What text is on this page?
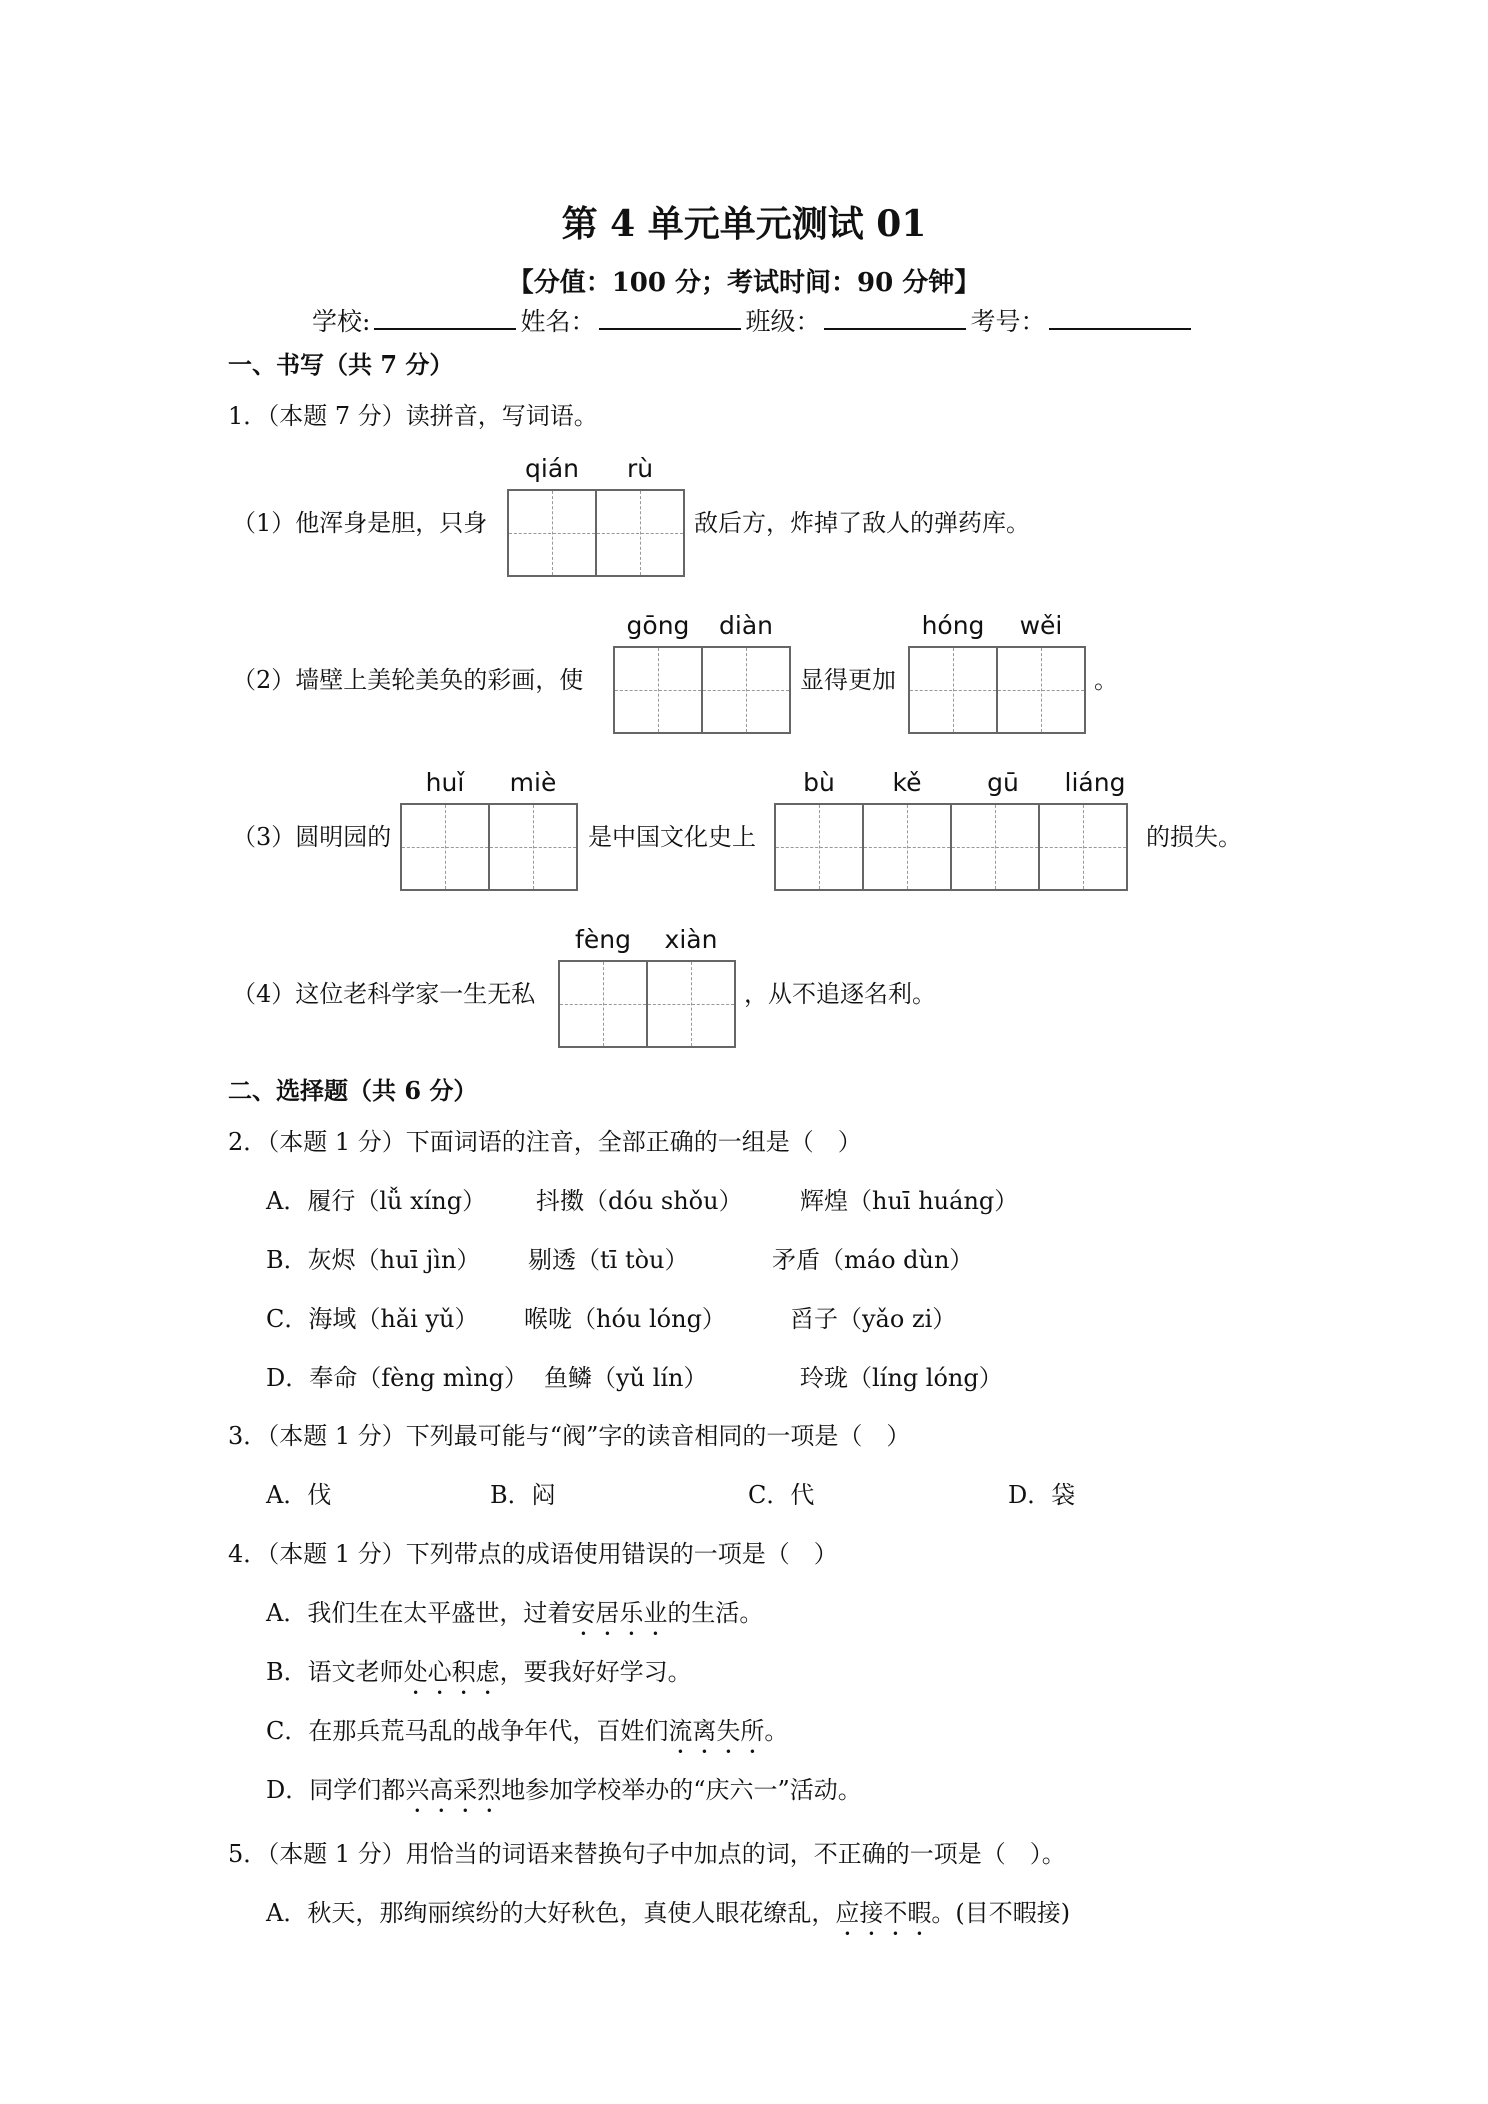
第 4 单元单元测试 01
【分值：100 分；考试时间：90 分钟】
学校:	姓名：	班级：	考号：
一、书写（共 7 分）
1．（本题 7 分）读拼音，写词语。
（1）他浑身是胆，只身
qián	rù
敌后方，炸掉了敌人的弹药库。
（2）墙壁上美轮美奂的彩画，使
gōng	diàn
显得更加
hóng	wěi
。
（3）圆明园的
huǐ	miè
是中国文化史上
bù	kě	gū	liáng
的损失。
（4）这位老科学家一生无私
fèng	xiàn
，从不追逐名利。
二、选择题（共 6 分）
2．（本题 1 分）下面词语的注音，全部正确的一组是（　）
A．履行（lǚ xíng） 抖擞（dóu shǒu） 辉煌（huī huáng）
B．灰烬（huī jìn） 剔透（tī tòu）	矛盾（máo dùn）
C．海域（hǎi yǔ） 喉咙（hóu lóng）	舀子（yǎo zi）
D．奉命（fèng mìng） 鱼鳞（yǔ lín）	玲珑（líng lóng）
3．（本题 1 分）下列最可能与“阀”字的读音相同的一项是（　）
A．伐	B．闷	C．代	D．袋
4．（本题 1 分）下列带点的成语使用错误的一项是（　）
A．我们生在太平盛世，过着安居乐业的生活。
B．语文老师处心积虑，要我好好学习。
C．在那兵荒马乱的战争年代，百姓们流离失所。
D．同学们都兴高采烈地参加学校举办的“庆六一”活动。
5．（本题 1 分）用恰当的词语来替换句子中加点的词，不正确的一项是（　）。
A．秋天，那绚丽缤纷的大好秋色，真使人眼花缭乱，应接不暇。(目不暇接)
